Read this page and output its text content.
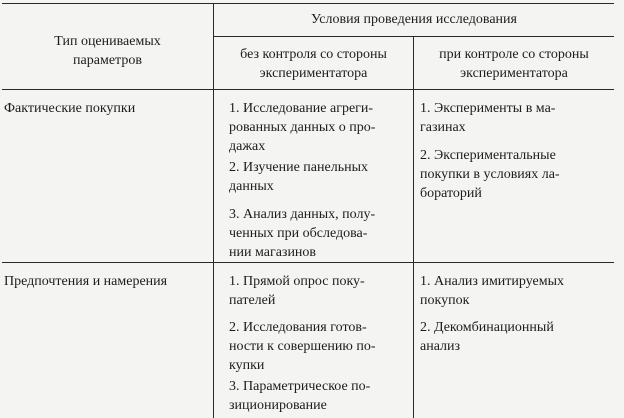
Тип оцениваемых
параметров
Условия проведения исследования
без контроля со стороны
экспериментатора
при контроле со стороны
экспериментатора
Фактические покупки	1. Исследование агреги-
рованных данных о про-
дажах
2. Изучение панельных
данных
3. Анализ данных, полу-
ченных при обследова-
нии магазинов
1. Эксперименты в ма-
газинах
2. Экспериментальные
покупки в условиях ла-
бораторий
Предпочтения и намерения	1. Прямой опрос поку-
пателей
2. Исследования готов-
ности к совершению по-
купки
3. Параметрическое по-
зиционирование
1. Анализ имитируемых
покупок
2. Декомбинационный
анализ
